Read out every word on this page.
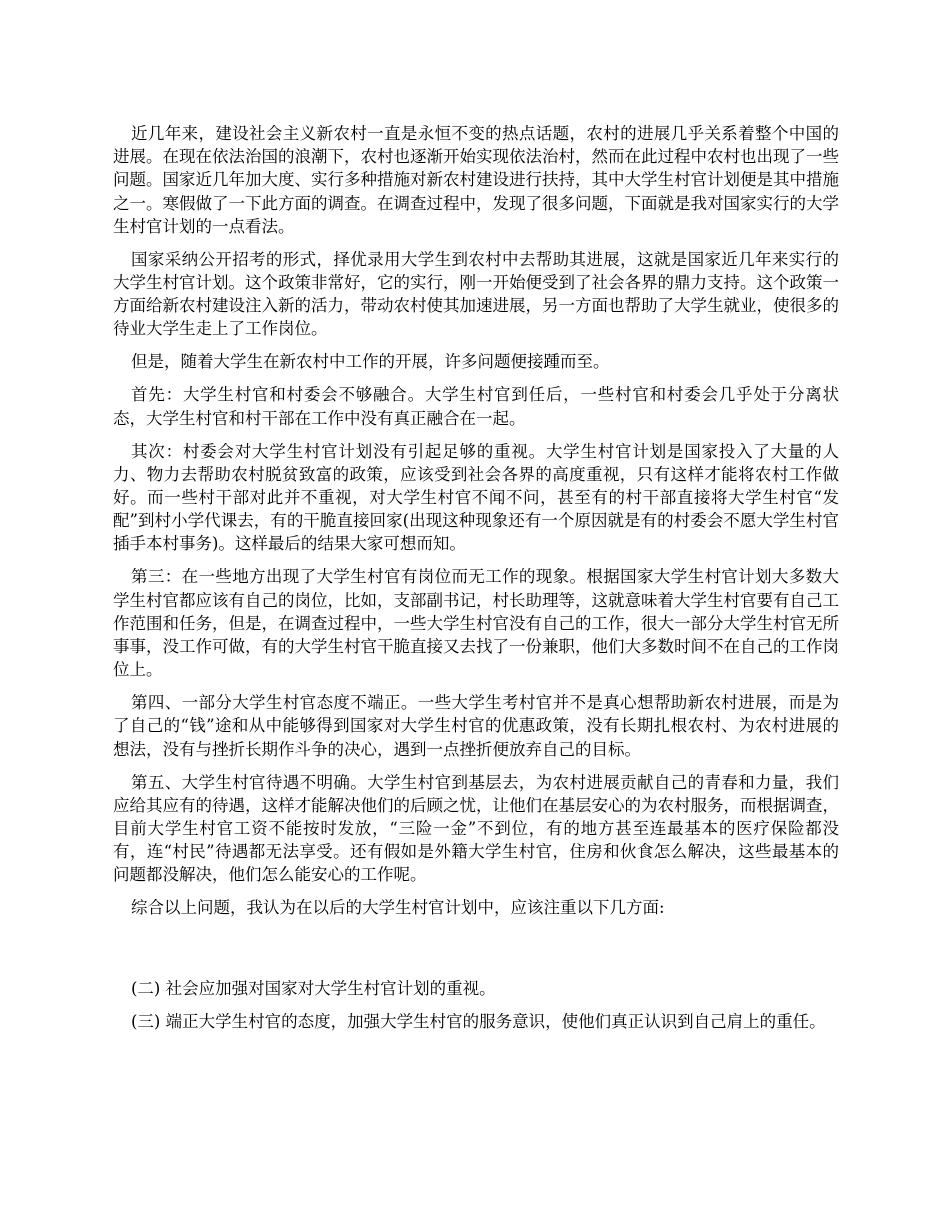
近几年来，建设社会主义新农村一直是永恒不变的热点话题，农村的进展几乎关系着整个中国的进展。在现在依法治国的浪潮下，农村也逐渐开始实现依法治村，然而在此过程中农村也出现了一些问题。国家近几年加大度、实行多种措施对新农村建设进行扶持，其中大学生村官计划便是其中措施之一。寒假做了一下此方面的调查。在调查过程中，发现了很多问题，下面就是我对国家实行的大学生村官计划的一点看法。

国家采纳公开招考的形式，择优录用大学生到农村中去帮助其进展，这就是国家近几年来实行的大学生村官计划。这个政策非常好，它的实行，刚一开始便受到了社会各界的鼎力支持。这个政策一方面给新农村建设注入新的活力，带动农村使其加速进展，另一方面也帮助了大学生就业，使很多的待业大学生走上了工作岗位。

但是，随着大学生在新农村中工作的开展，许多问题便接踵而至。

首先：大学生村官和村委会不够融合。大学生村官到任后，一些村官和村委会几乎处于分离状态，大学生村官和村干部在工作中没有真正融合在一起。

其次：村委会对大学生村官计划没有引起足够的重视。大学生村官计划是国家投入了大量的人力、物力去帮助农村脱贫致富的政策，应该受到社会各界的高度重视，只有这样才能将农村工作做好。而一些村干部对此并不重视，对大学生村官不闻不问，甚至有的村干部直接将大学生村官“发配”到村小学代课去，有的干脆直接回家(出现这种现象还有一个原因就是有的村委会不愿大学生村官插手本村事务)。这样最后的结果大家可想而知。

第三：在一些地方出现了大学生村官有岗位而无工作的现象。根据国家大学生村官计划大多数大学生村官都应该有自己的岗位，比如，支部副书记，村长助理等，这就意味着大学生村官要有自己工作范围和任务，但是，在调查过程中，一些大学生村官没有自己的工作，很大一部分大学生村官无所事事，没工作可做，有的大学生村官干脆直接又去找了一份兼职，他们大多数时间不在自己的工作岗位上。

第四、一部分大学生村官态度不端正。一些大学生考村官并不是真心想帮助新农村进展，而是为了自己的“钱”途和从中能够得到国家对大学生村官的优惠政策，没有长期扎根农村、为农村进展的想法，没有与挫折长期作斗争的决心，遇到一点挫折便放弃自己的目标。

第五、大学生村官待遇不明确。大学生村官到基层去，为农村进展贡献自己的青春和力量，我们应给其应有的待遇，这样才能解决他们的后顾之忧，让他们在基层安心的为农村服务，而根据调查，目前大学生村官工资不能按时发放，“三险一金”不到位，有的地方甚至连最基本的医疗保险都没有，连“村民”待遇都无法享受。还有假如是外籍大学生村官，住房和伙食怎么解决，这些最基本的问题都没解决，他们怎么能安心的工作呢。

综合以上问题，我认为在以后的大学生村官计划中，应该注重以下几方面:

(二) 社会应加强对国家对大学生村官计划的重视。

(三) 端正大学生村官的态度，加强大学生村官的服务意识，使他们真正认识到自己肩上的重任。
